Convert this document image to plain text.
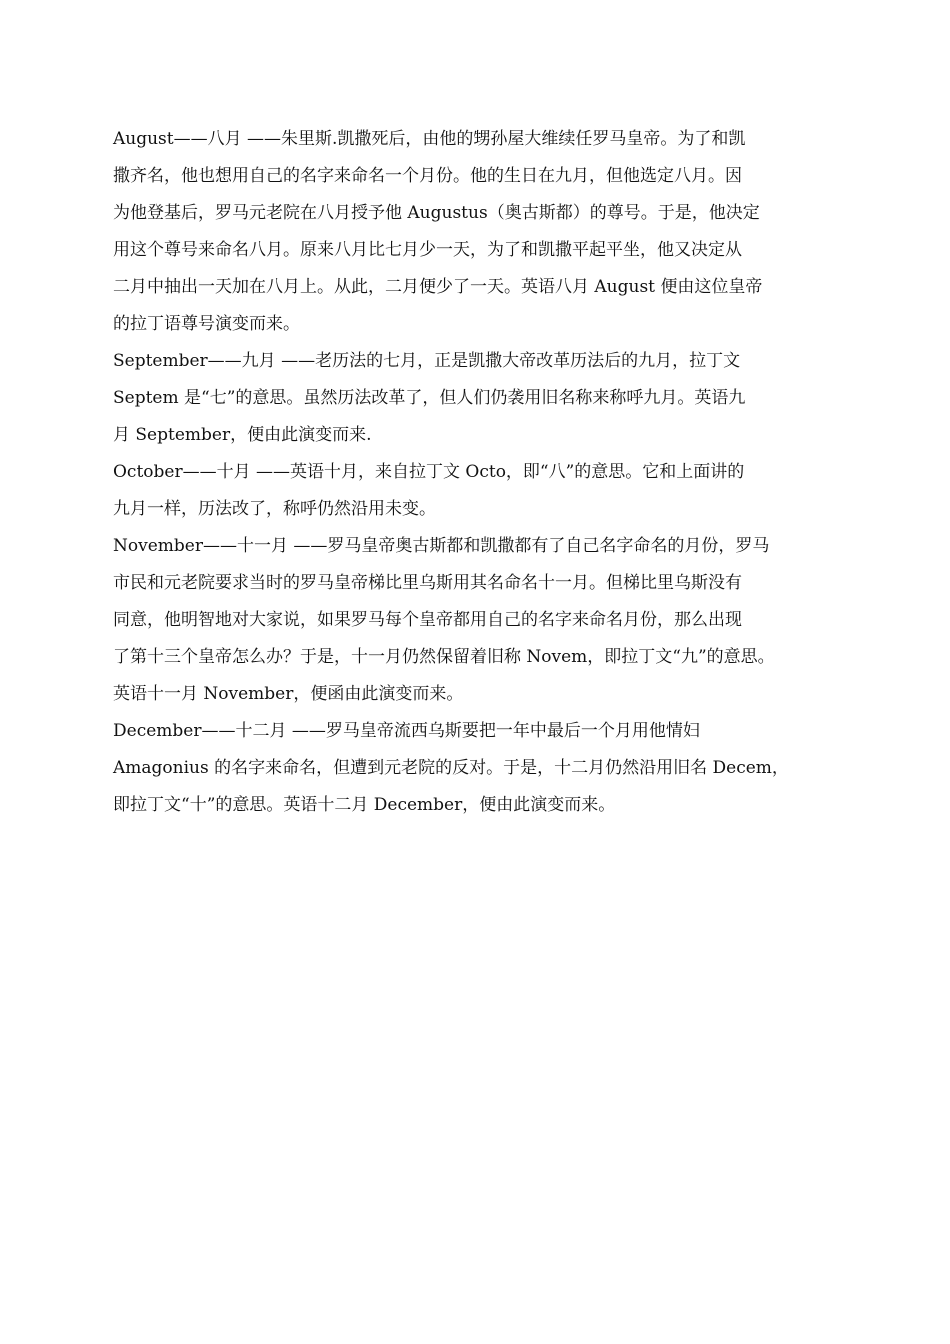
August——八月 ——朱里斯.凯撒死后，由他的甥孙屋大维续任罗马皇帝。为了和凯
撒齐名，他也想用自己的名字来命名一个月份。他的生日在九月，但他选定八月。因
为他登基后，罗马元老院在八月授予他 Augustus（奥古斯都）的尊号。于是，他决定
用这个尊号来命名八月。原来八月比七月少一天，为了和凯撒平起平坐，他又决定从
二月中抽出一天加在八月上。从此，二月便少了一天。英语八月 August 便由这位皇帝
的拉丁语尊号演变而来。
September——九月 ——老历法的七月，正是凯撒大帝改革历法后的九月，拉丁文
Septem 是“七”的意思。虽然历法改革了，但人们仍袭用旧名称来称呼九月。英语九
月 September，便由此演变而来.
October——十月 ——英语十月，来自拉丁文 Octo，即“八”的意思。它和上面讲的
九月一样，历法改了，称呼仍然沿用未变。
November——十一月 ——罗马皇帝奥古斯都和凯撒都有了自己名字命名的月份，罗马
市民和元老院要求当时的罗马皇帝梯比里乌斯用其名命名十一月。但梯比里乌斯没有
同意，他明智地对大家说，如果罗马每个皇帝都用自己的名字来命名月份，那么出现
了第十三个皇帝怎么办？于是，十一月仍然保留着旧称 Novem，即拉丁文“九”的意思。
英语十一月 November，便函由此演变而来。
December——十二月 ——罗马皇帝流西乌斯要把一年中最后一个月用他情妇
Amagonius 的名字来命名，但遭到元老院的反对。于是，十二月仍然沿用旧名 Decem，
即拉丁文“十”的意思。英语十二月 December，便由此演变而来。
